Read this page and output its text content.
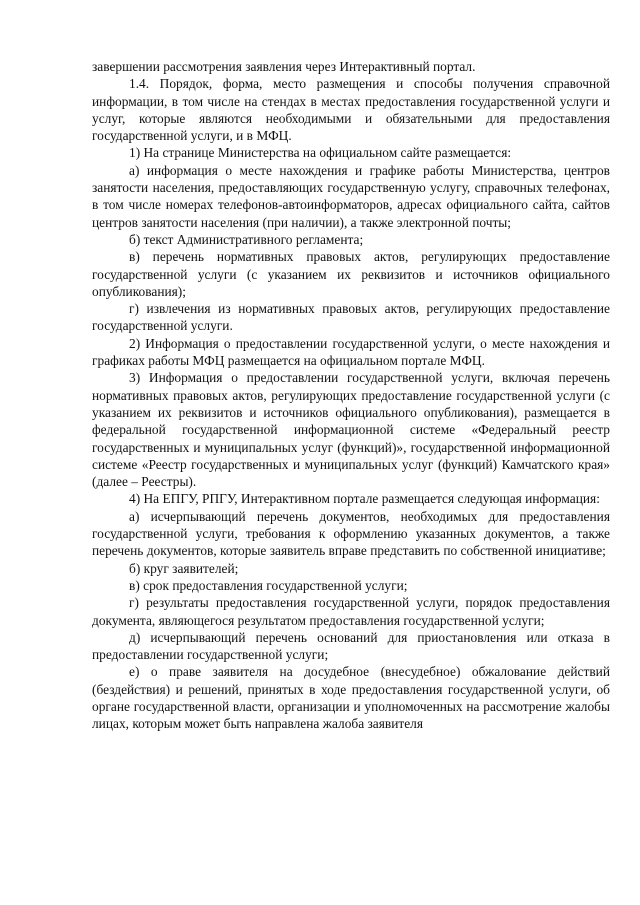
завершении рассмотрения заявления через Интерактивный портал.

1.4. Порядок, форма, место размещения и способы получения справочной информации, в том числе на стендах в местах предоставления государственной услуги и услуг, которые являются необходимыми и обязательными для предоставления государственной услуги, и в МФЦ.

1) На странице Министерства на официальном сайте размещается:

а) информация о месте нахождения и графике работы Министерства, центров занятости населения, предоставляющих государственную услугу, справочных телефонах, в том числе номерах телефонов-автоинформаторов, адресах официального сайта, сайтов центров занятости населения (при наличии), а также электронной почты;

б) текст Административного регламента;

в) перечень нормативных правовых актов, регулирующих предоставление государственной услуги (с указанием их реквизитов и источников официального опубликования);

г) извлечения из нормативных правовых актов, регулирующих предоставление государственной услуги.

2) Информация о предоставлении государственной услуги, о месте нахождения и графиках работы МФЦ размещается на официальном портале МФЦ.

3) Информация о предоставлении государственной услуги, включая перечень нормативных правовых актов, регулирующих предоставление государственной услуги (с указанием их реквизитов и источников официального опубликования), размещается в федеральной государственной информационной системе «Федеральный реестр государственных и муниципальных услуг (функций)», государственной информационной системе «Реестр государственных и муниципальных услуг (функций) Камчатского края» (далее – Реестры).

4) На ЕПГУ, РПГУ, Интерактивном портале размещается следующая информация:

а) исчерпывающий перечень документов, необходимых для предоставления государственной услуги, требования к оформлению указанных документов, а также перечень документов, которые заявитель вправе представить по собственной инициативе;

б) круг заявителей;

в) срок предоставления государственной услуги;

г) результаты предоставления государственной услуги, порядок предоставления документа, являющегося результатом предоставления государственной услуги;

д) исчерпывающий перечень оснований для приостановления или отказа в предоставлении государственной услуги;

е) о праве заявителя на досудебное (внесудебное) обжалование действий (бездействия) и решений, принятых в ходе предоставления государственной услуги, об органе государственной власти, организации и уполномоченных на рассмотрение жалобы лицах, которым может быть направлена жалоба заявителя
